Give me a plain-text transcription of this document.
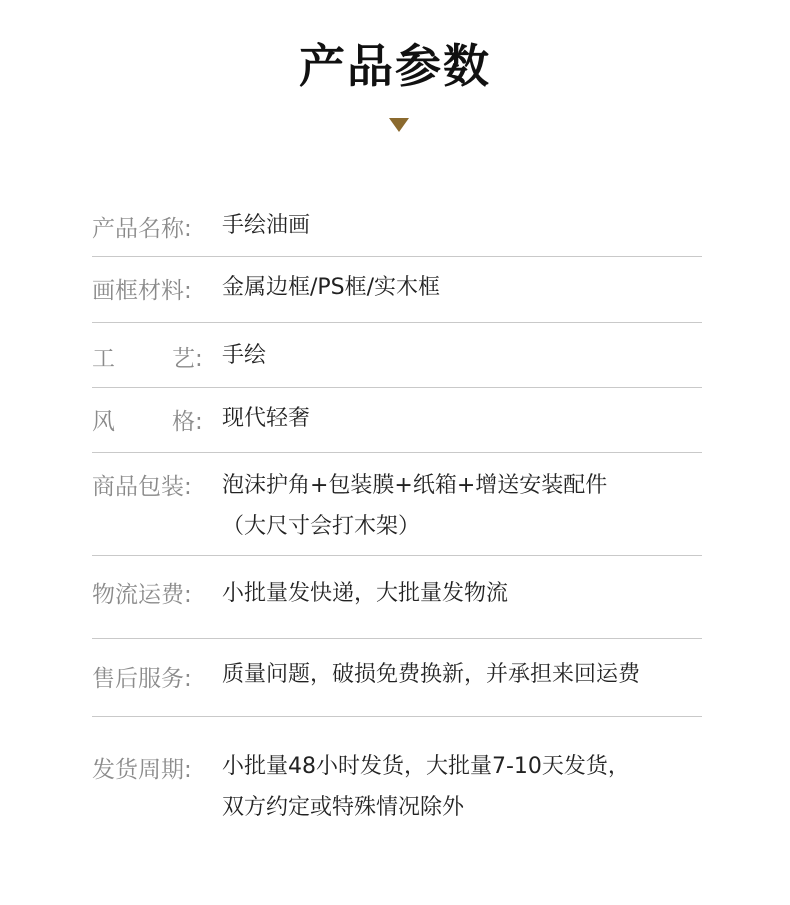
产品参数
产品名称:	手绘油画
画框材料:	金属边框/PS框/实木框
工艺: 手绘
风格: 现代轻奢
商品包装:	泡沫护角+包装膜+纸箱+增送安装配件
（大尺寸会打木架）
物流运费:	小批量发快递，大批量发物流
售后服务:	质量问题，破损免费换新，并承担来回运费
发货周期:	小批量48小时发货，大批量7-10天发货，
双方约定或特殊情况除外
